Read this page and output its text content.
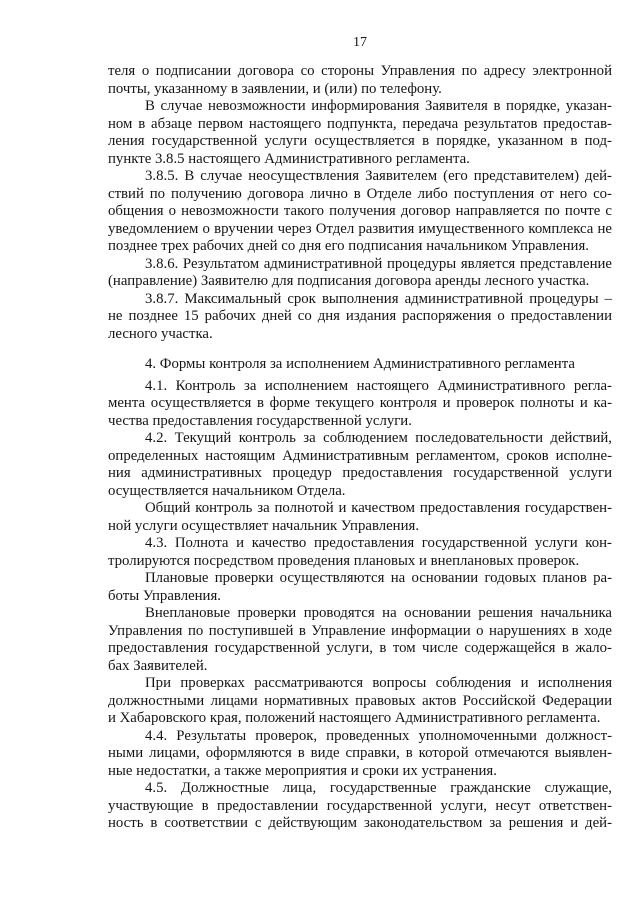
17
теля о подписании договора со стороны Управления по адресу электронной
почты, указанному в заявлении, и (или) по телефону.
В случае невозможности информирования Заявителя в порядке, указан-
ном в абзаце первом настоящего подпункта, передача результатов предостав-
ления государственной услуги осуществляется в порядке, указанном в под-
пункте 3.8.5 настоящего Административного регламента.
3.8.5. В случае неосуществления Заявителем (его представителем) дей-
ствий по получению договора лично в Отделе либо поступления от него со-
общения о невозможности такого получения договор направляется по почте с
уведомлением о вручении через Отдел развития имущественного комплекса не
позднее трех рабочих дней со дня его подписания начальником Управления.
3.8.6. Результатом административной процедуры является представление
(направление) Заявителю для подписания договора аренды лесного участка.
3.8.7. Максимальный срок выполнения административной процедуры –
не позднее 15 рабочих дней со дня издания распоряжения о предоставлении
лесного участка.
4. Формы контроля за исполнением Административного регламента
4.1. Контроль за исполнением настоящего Административного регла-
мента осуществляется в форме текущего контроля и проверок полноты и ка-
чества предоставления государственной услуги.
4.2. Текущий контроль за соблюдением последовательности действий,
определенных настоящим Административным регламентом, сроков исполне-
ния административных процедур предоставления государственной услуги
осуществляется начальником Отдела.
Общий контроль за полнотой и качеством предоставления государствен-
ной услуги осуществляет начальник Управления.
4.3. Полнота и качество предоставления государственной услуги кон-
тролируются посредством проведения плановых и внеплановых проверок.
Плановые проверки осуществляются на основании годовых планов ра-
боты Управления.
Внеплановые проверки проводятся на основании решения начальника
Управления по поступившей в Управление информации о нарушениях в ходе
предоставления государственной услуги, в том числе содержащейся в жало-
бах Заявителей.
При проверках рассматриваются вопросы соблюдения и исполнения
должностными лицами нормативных правовых актов Российской Федерации
и Хабаровского края, положений настоящего Административного регламента.
4.4. Результаты проверок, проведенных уполномоченными должност-
ными лицами, оформляются в виде справки, в которой отмечаются выявлен-
ные недостатки, а также мероприятия и сроки их устранения.
4.5. Должностные лица, государственные гражданские служащие,
участвующие в предоставлении государственной услуги, несут ответствен-
ность в соответствии с действующим законодательством за решения и дей-
